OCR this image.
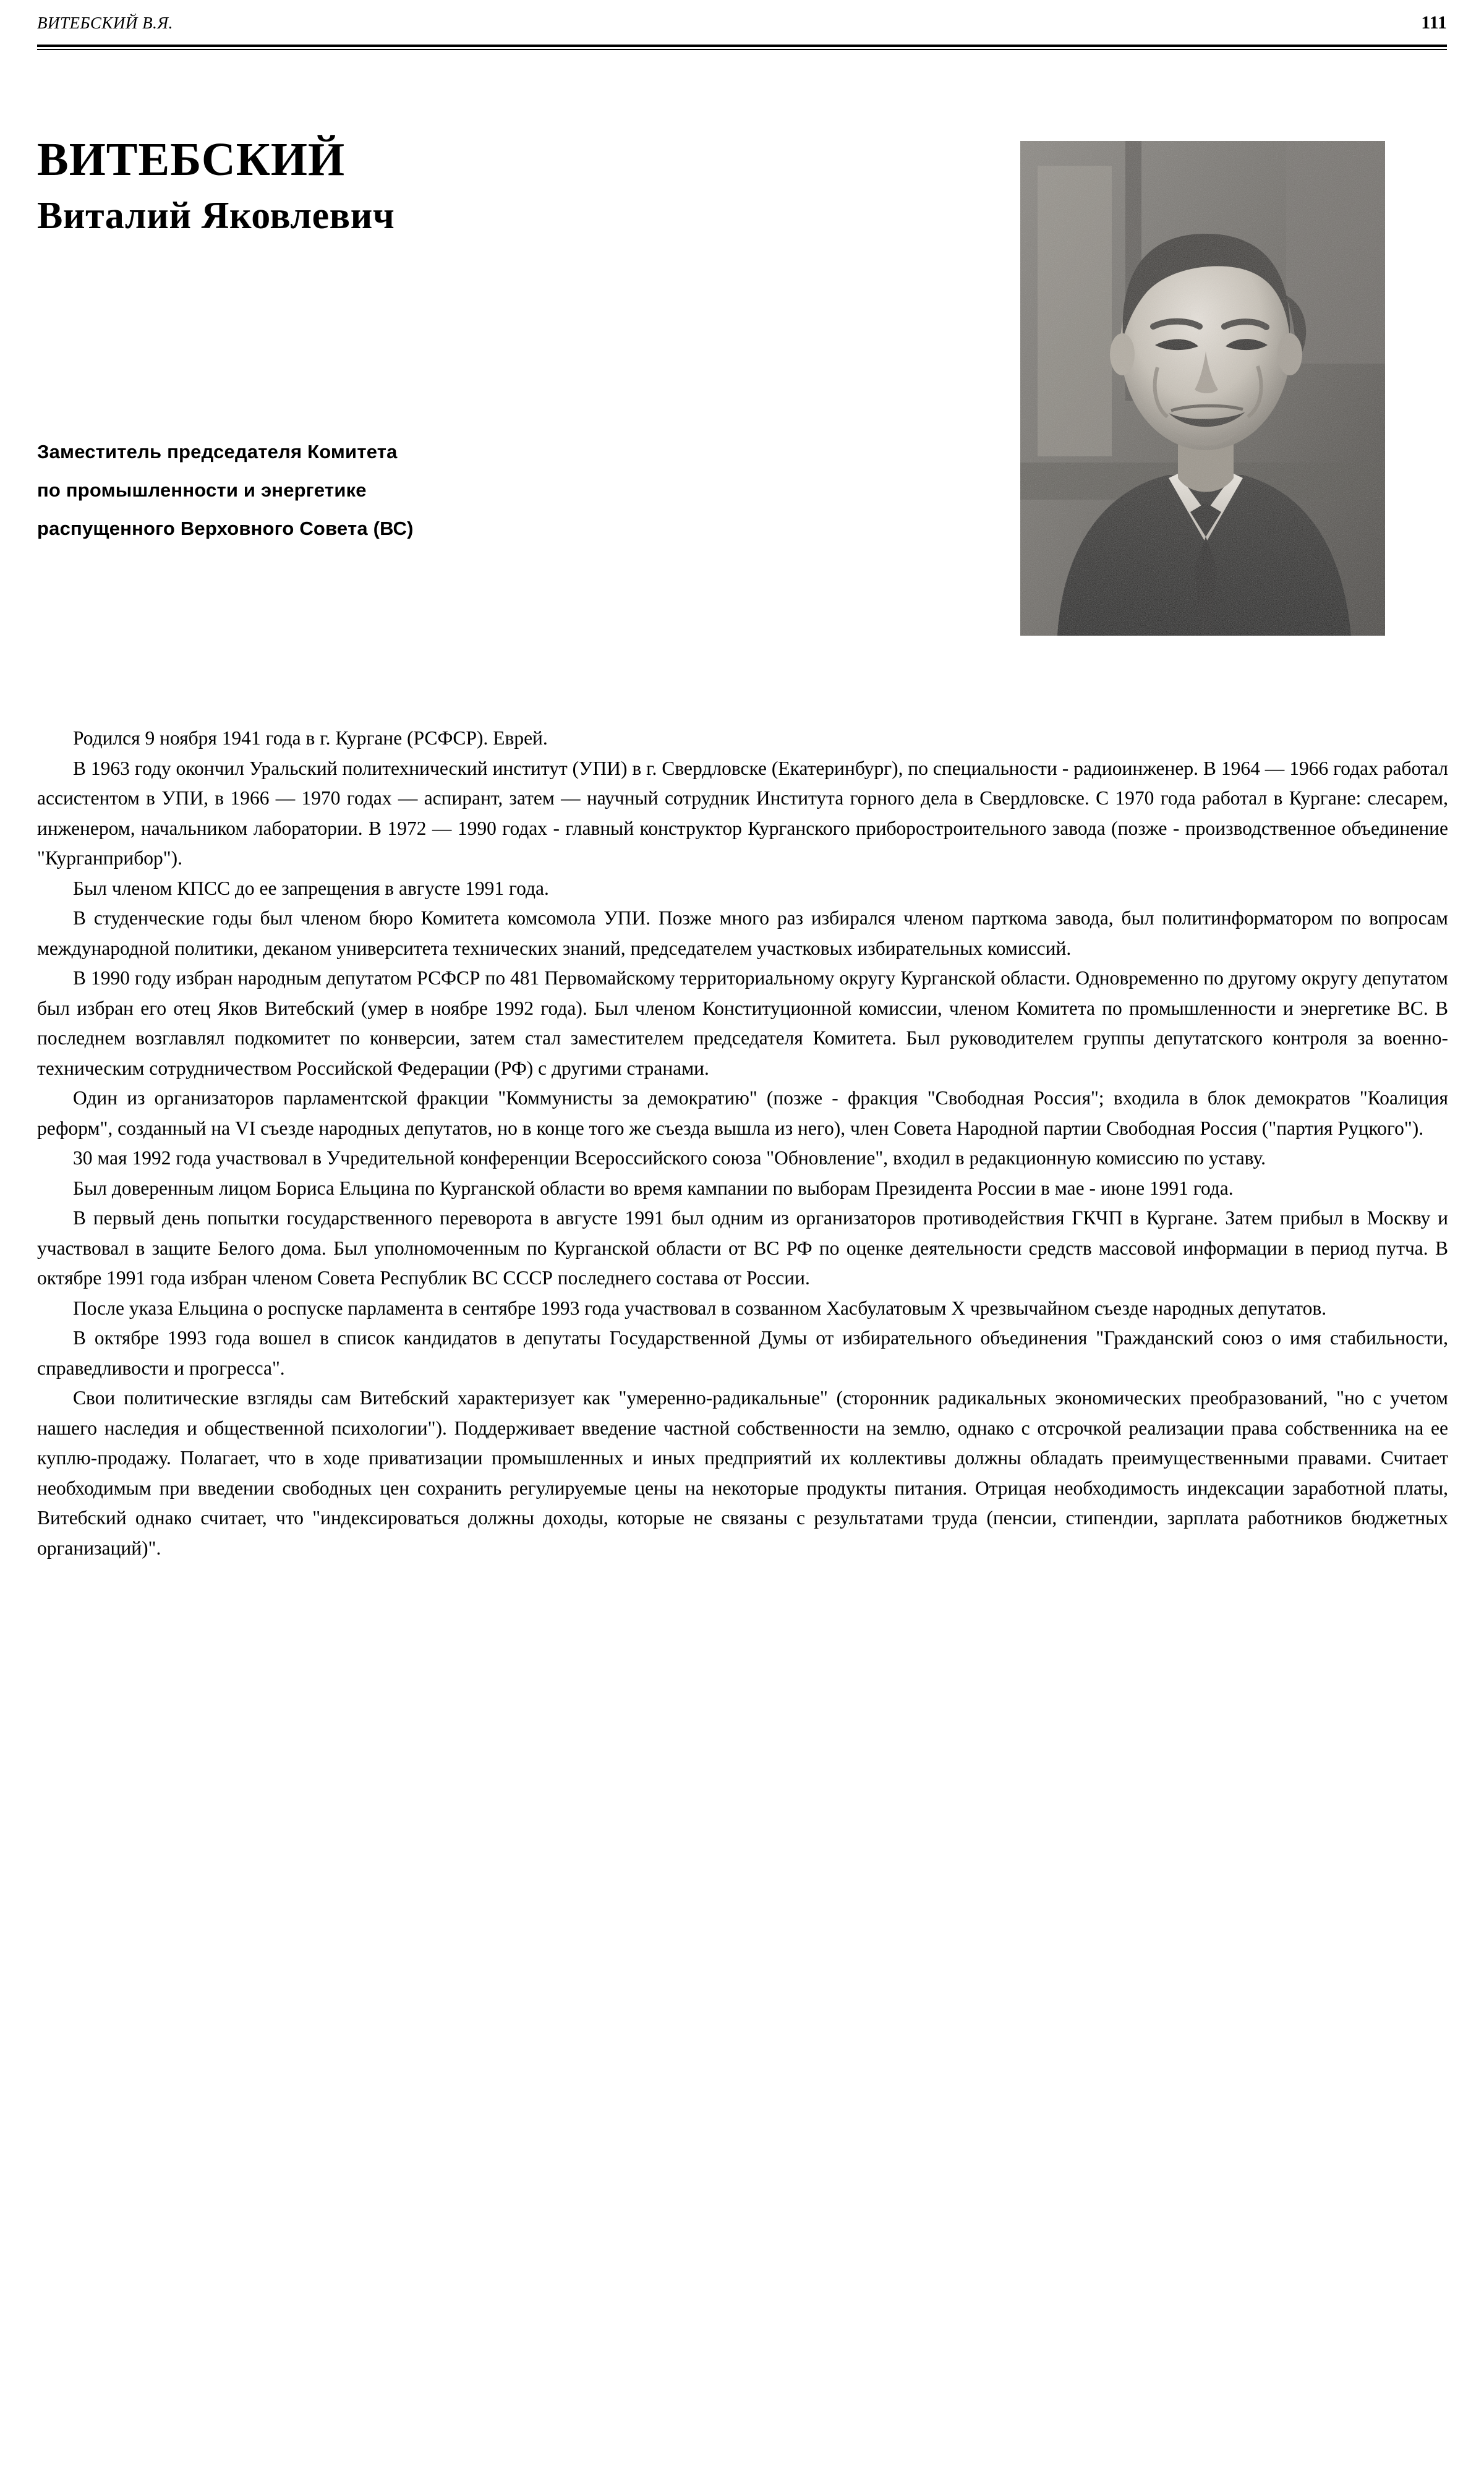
ВИТЕБСКИЙ В.Я.	111
ВИТЕБСКИЙ
Виталий Яковлевич
Заместитель председателя Комитета
по промышленности и энергетике
распущенного Верховного Совета (ВС)

Родился 9 ноября 1941 года в г. Кургане (РСФСР). Еврей.

В 1963 году окончил Уральский политехнический институт (УПИ) в г. Свердловске (Екатеринбург), по специальности - радиоинженер. В 1964 — 1966 годах работал ассистентом в УПИ, в 1966 — 1970 годах — аспирант, затем — научный сотрудник Института горного дела в Свердловске. С 1970 года работал в Кургане: слесарем, инженером, начальником лаборатории. В 1972 — 1990 годах - главный конструктор Курганского приборостроительного завода (позже - производственное объединение "Курганприбор").

Был членом КПСС до ее запрещения в августе 1991 года.

В студенческие годы был членом бюро Комитета комсомола УПИ. Позже много раз избирался членом парткома завода, был политинформатором по вопросам международной политики, деканом университета технических знаний, председателем участковых избирательных комиссий.

В 1990 году избран народным депутатом РСФСР по 481 Первомайскому территориальному округу Курганской области. Одновременно по другому округу депутатом был избран его отец Яков Витебский (умер в ноябре 1992 года). Был членом Конституционной комиссии, членом Комитета по промышленности и энергетике ВС. В последнем возглавлял подкомитет по конверсии, затем стал заместителем председателя Комитета. Был руководителем группы депутатского контроля за военно-техническим сотрудничеством Российской Федерации (РФ) с другими странами.

Один из организаторов парламентской фракции "Коммунисты за демократию" (позже - фракция "Свободная Россия"; входила в блок демократов "Коалиция реформ", созданный на VI съезде народных депутатов, но в конце того же съезда вышла из него), член Совета Народной партии Свободная Россия ("партия Руцкого").

30 мая 1992 года участвовал в Учредительной конференции Всероссийского союза "Обновление", входил в редакционную комиссию по уставу.

Был доверенным лицом Бориса Ельцина по Курганской области во время кампании по выборам Президента России в мае - июне 1991 года.

В первый день попытки государственного переворота в августе 1991 был одним из организаторов противодействия ГКЧП в Кургане. Затем прибыл в Москву и участвовал в защите Белого дома. Был уполномоченным по Курганской области от ВС РФ по оценке деятельности средств массовой информации в период путча. В октябре 1991 года избран членом Совета Республик ВС СССР последнего состава от России.

После указа Ельцина о роспуске парламента в сентябре 1993 года участвовал в созванном Хасбулатовым X чрезвычайном съезде народных депутатов.

В октябре 1993 года вошел в список кандидатов в депутаты Государственной Думы от избирательного объединения "Гражданский союз о имя стабильности, справедливости и прогресса".

Свои политические взгляды сам Витебский характеризует как "умеренно-радикальные" (сторонник радикальных экономических преобразований, "но с учетом нашего наследия и общественной психологии"). Поддерживает введение частной собственности на землю, однако с отсрочкой реализации права собственника на ее куплю-продажу. Полагает, что в ходе приватизации промышленных и иных предприятий их коллективы должны обладать преимущественными правами. Считает необходимым при введении свободных цен сохранить регулируемые цены на некоторые продукты питания. Отрицая необходимость индексации заработной платы, Витебский однако считает, что "индексироваться должны доходы, которые не связаны с результатами труда (пенсии, стипендии, зарплата работников бюджетных организаций)".
